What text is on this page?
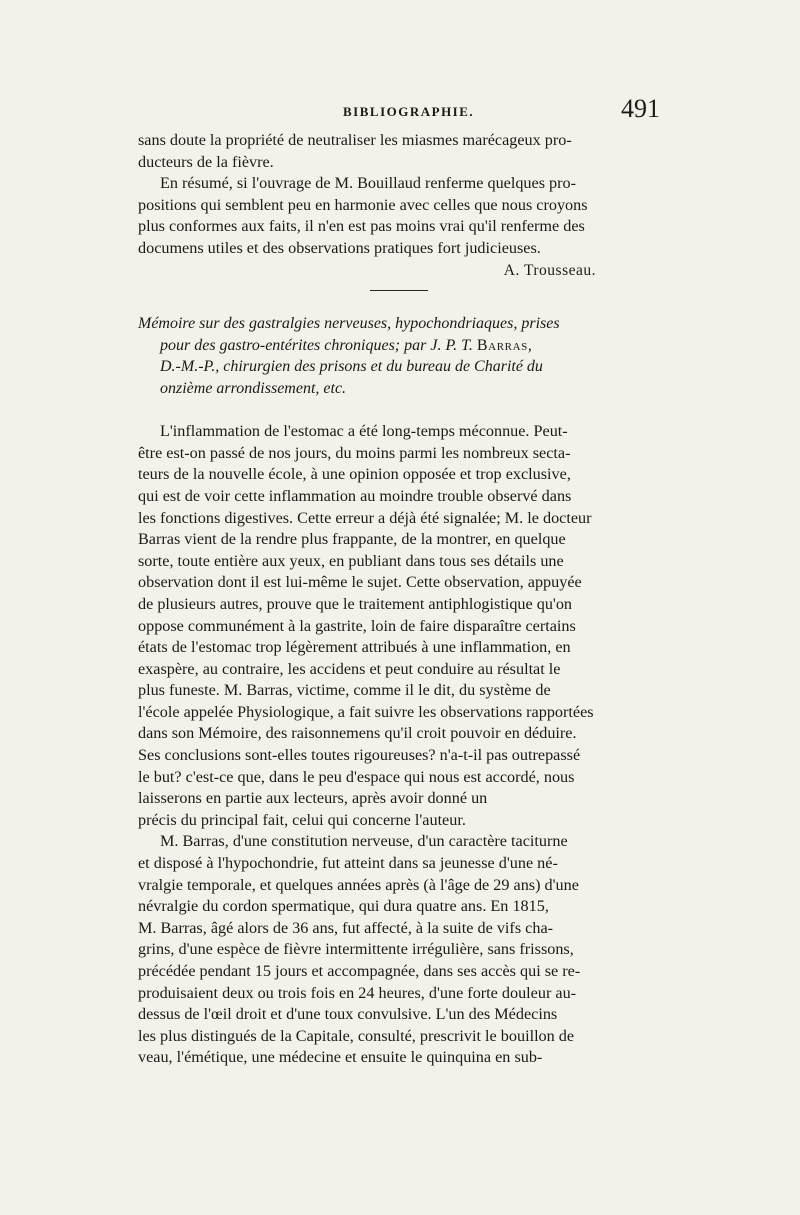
BIBLIOGRAPHIE.	491

sans doute la propriété de neutraliser les miasmes marécageux pro-

ducteurs de la fièvre.

En résumé, si l'ouvrage de M. Bouillaud renferme quelques pro-

positions qui semblent peu en harmonie avec celles que nous croyons

plus conformes aux faits, il n'en est pas moins vrai qu'il renferme des

documens utiles et des observations pratiques fort judicieuses.

A. Trousseau.

Mémoire sur des gastralgies nerveuses, hypochondriaques, prises

pour des gastro-entérites chroniques; par J. P. T. Barras,

D.-M.-P., chirurgien des prisons et du bureau de Charité du

onzième arrondissement, etc.

L'inflammation de l'estomac a été long-temps méconnue. Peut-

être est-on passé de nos jours, du moins parmi les nombreux secta-

teurs de la nouvelle école, à une opinion opposée et trop exclusive,

qui est de voir cette inflammation au moindre trouble observé dans

les fonctions digestives. Cette erreur a déjà été signalée; M. le docteur

Barras vient de la rendre plus frappante, de la montrer, en quelque

sorte, toute entière aux yeux, en publiant dans tous ses détails une

observation dont il est lui-même le sujet. Cette observation, appuyée

de plusieurs autres, prouve que le traitement antiphlogistique qu'on

oppose communément à la gastrite, loin de faire disparaître certains

états de l'estomac trop légèrement attribués à une inflammation, en

exaspère, au contraire, les accidens et peut conduire au résultat le

plus funeste. M. Barras, victime, comme il le dit, du système de

l'école appelée Physiologique, a fait suivre les observations rapportées

dans son Mémoire, des raisonnemens qu'il croit pouvoir en déduire.

Ses conclusions sont-elles toutes rigoureuses? n'a-t-il pas outrepassé

le but? c'est-ce que, dans le peu d'espace qui nous est accordé, nous

laisserons en partie aux lecteurs, après avoir donné un

précis du principal fait, celui qui concerne l'auteur.

M. Barras, d'une constitution nerveuse, d'un caractère taciturne

et disposé à l'hypochondrie, fut atteint dans sa jeunesse d'une né-

vralgie temporale, et quelques années après (à l'âge de 29 ans) d'une

névralgie du cordon spermatique, qui dura quatre ans. En 1815,

M. Barras, âgé alors de 36 ans, fut affecté, à la suite de vifs cha-

grins, d'une espèce de fièvre intermittente irrégulière, sans frissons,

précédée pendant 15 jours et accompagnée, dans ses accès qui se re-

produisaient deux ou trois fois en 24 heures, d'une forte douleur au-

dessus de l'œil droit et d'une toux convulsive. L'un des Médecins

les plus distingués de la Capitale, consulté, prescrivit le bouillon de

veau, l'émétique, une médecine et ensuite le quinquina en sub-
